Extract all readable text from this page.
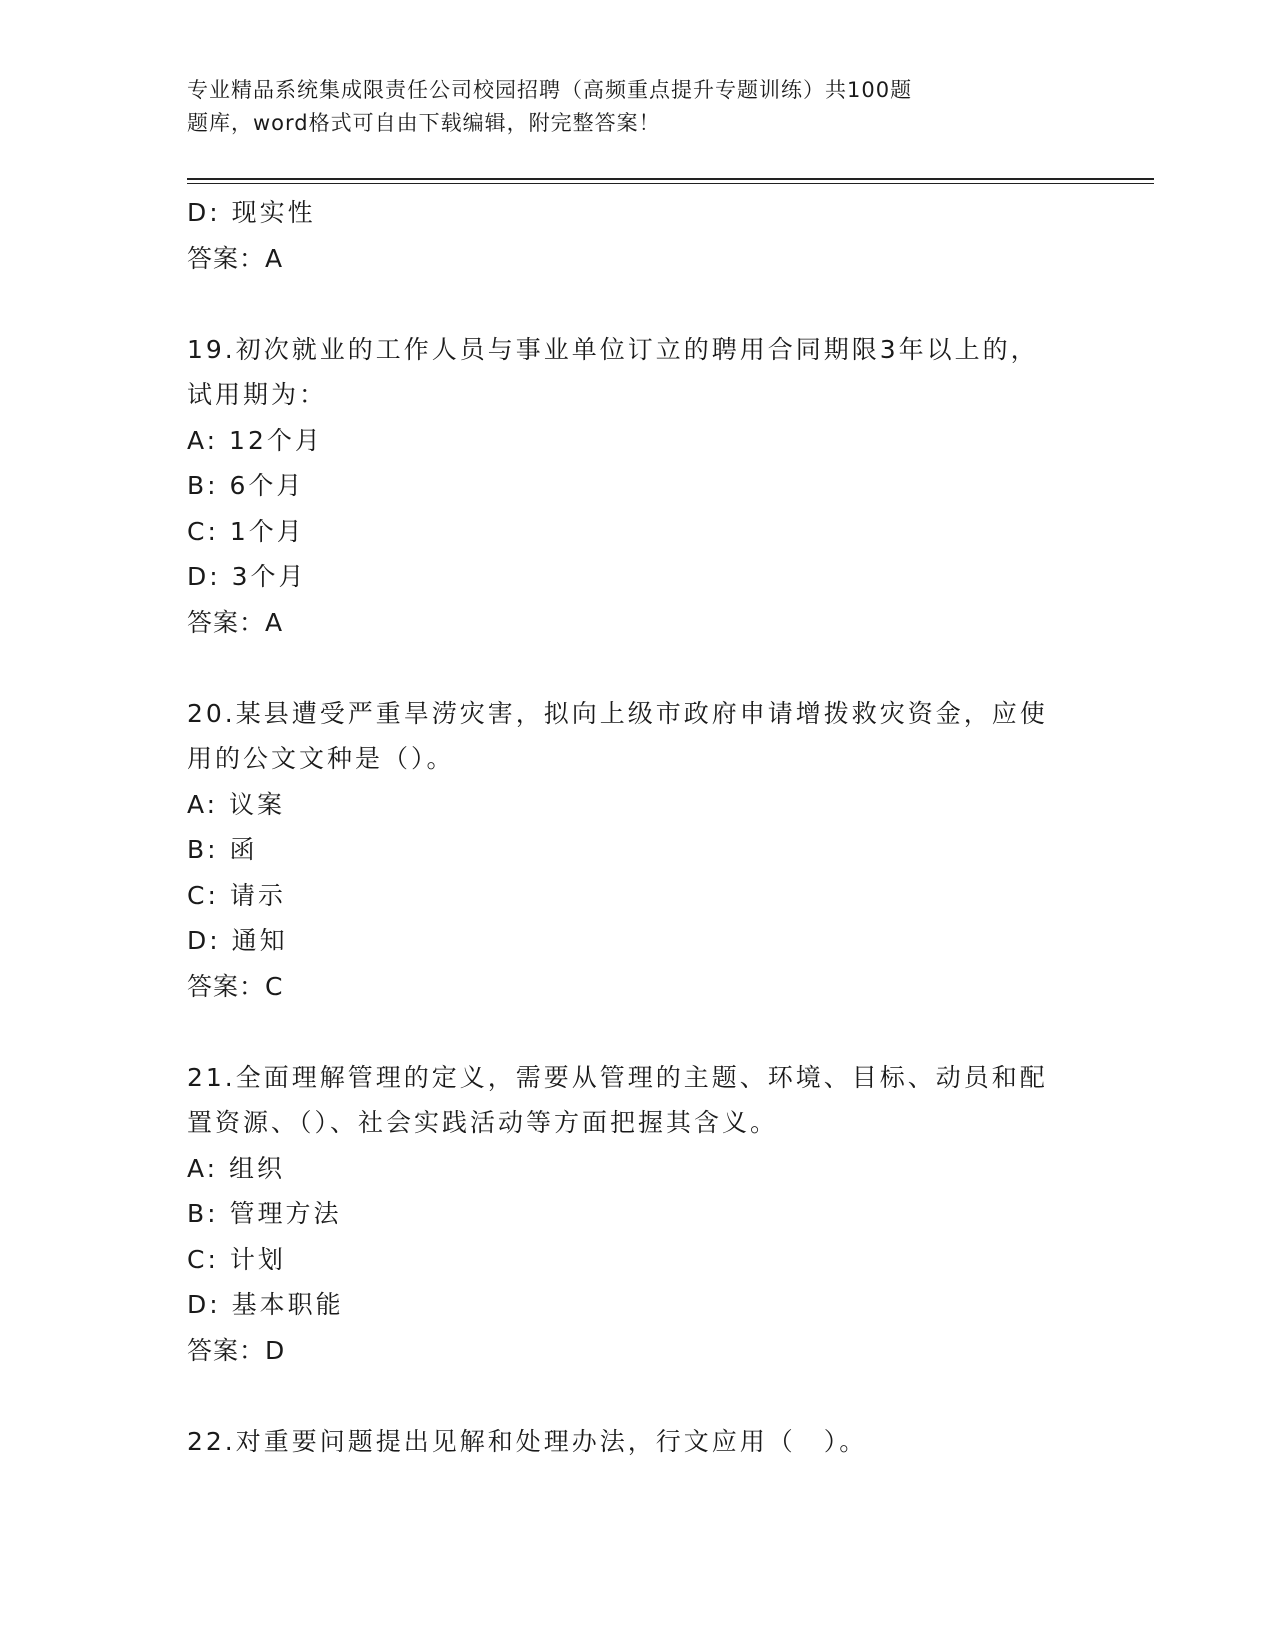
专业精品系统集成限责任公司校园招聘（高频重点提升专题训练）共100题
题库，word格式可自由下载编辑，附完整答案！
D: 现实性
答案：A
19.初次就业的工作人员与事业单位订立的聘用合同期限3年以上的，
试用期为：
A: 12个月
B: 6个月
C: 1个月
D: 3个月
答案：A
20.某县遭受严重旱涝灾害，拟向上级市政府申请增拨救灾资金，应使
用的公文文种是（）。
A: 议案
B: 函
C: 请示
D: 通知
答案：C
21.全面理解管理的定义，需要从管理的主题、环境、目标、动员和配
置资源、（）、社会实践活动等方面把握其含义。
A: 组织
B: 管理方法
C: 计划
D: 基本职能
答案：D
22.对重要问题提出见解和处理办法，行文应用（　）。
